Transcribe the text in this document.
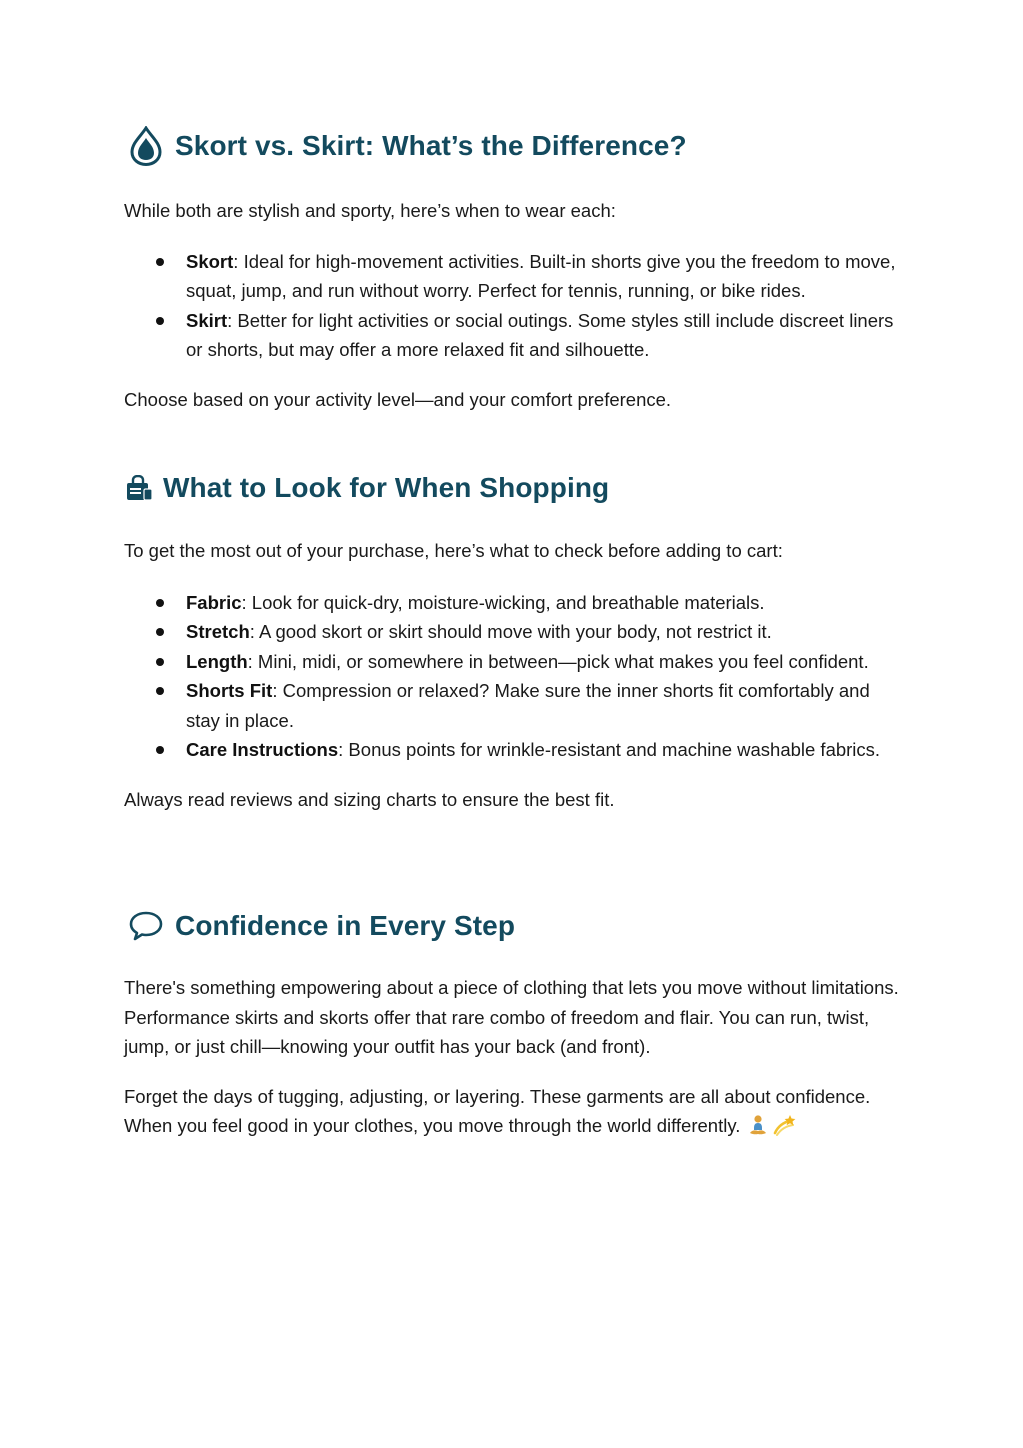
Skort vs. Skirt: What’s the Difference?

While both are stylish and sporty, here’s when to wear each:

Skort: Ideal for high-movement activities. Built-in shorts give you the freedom to move, squat, jump, and run without worry. Perfect for tennis, running, or bike rides.
Skirt: Better for light activities or social outings. Some styles still include discreet liners or shorts, but may offer a more relaxed fit and silhouette.

Choose based on your activity level—and your comfort preference.

What to Look for When Shopping

To get the most out of your purchase, here’s what to check before adding to cart:

Fabric: Look for quick-dry, moisture-wicking, and breathable materials.
Stretch: A good skort or skirt should move with your body, not restrict it.
Length: Mini, midi, or somewhere in between—pick what makes you feel confident.
Shorts Fit: Compression or relaxed? Make sure the inner shorts fit comfortably and stay in place.
Care Instructions: Bonus points for wrinkle-resistant and machine washable fabrics.

Always read reviews and sizing charts to ensure the best fit.

Confidence in Every Step

There's something empowering about a piece of clothing that lets you move without limitations. Performance skirts and skorts offer that rare combo of freedom and flair. You can run, twist, jump, or just chill—knowing your outfit has your back (and front).

Forget the days of tugging, adjusting, or layering. These garments are all about confidence. When you feel good in your clothes, you move through the world differently.
